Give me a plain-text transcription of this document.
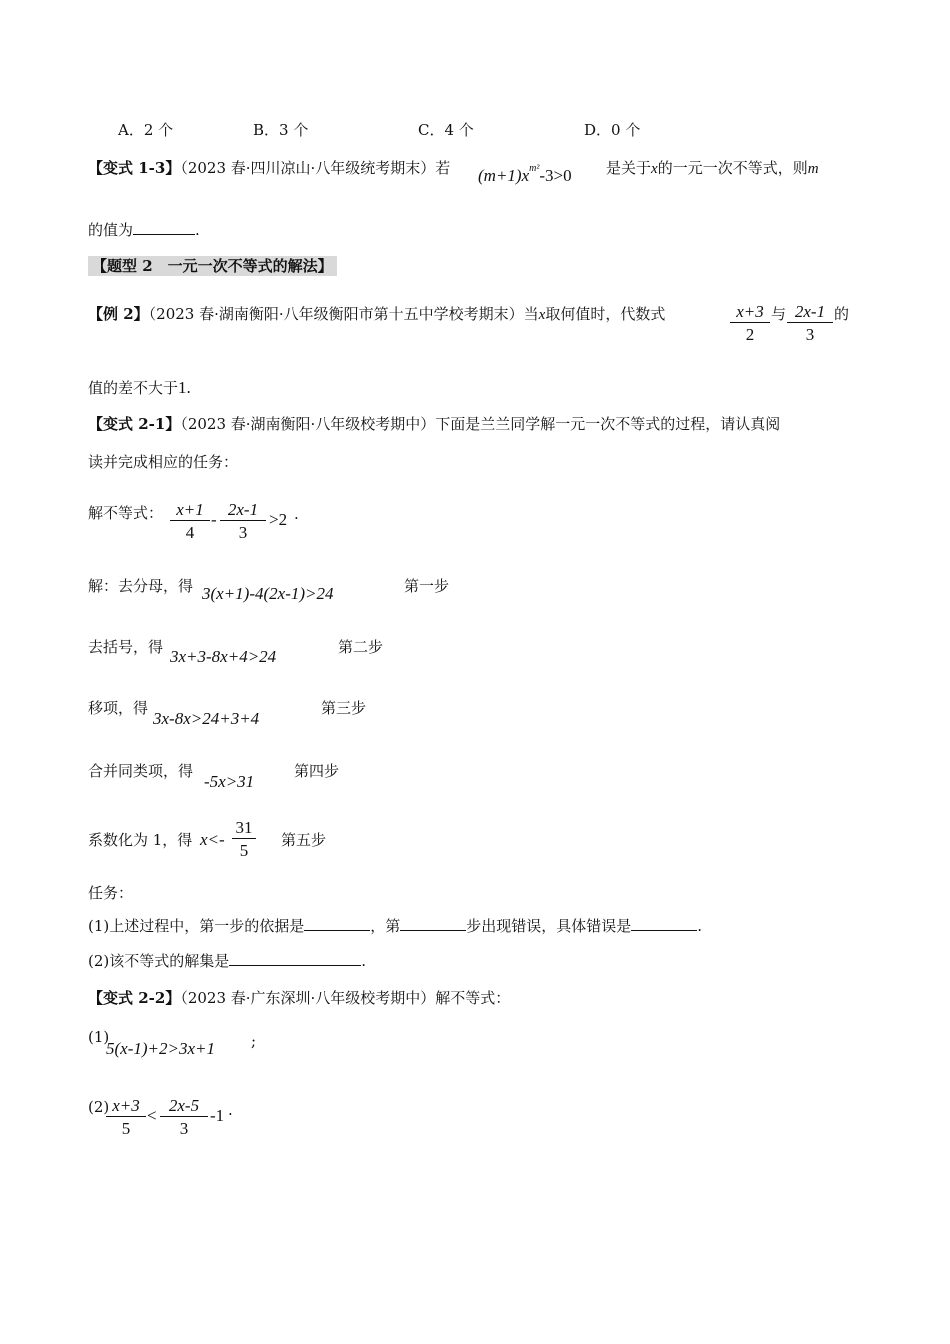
A．2 个	B．3 个	C．4 个	D．0 个
【变式 1-3】（2023 春·四川凉山·八年级统考期末）若 $(m+1)x^{m^2}-3>0$ 是关于x的一元一次不等式，则m
的值为	.
【题型 2　一元一次不等式的解法】
【例 2】（2023 春·湖南衡阳·八年级衡阳市第十五中学校考期末）当x取何值时，代数式	$\frac{x+3}{2}$ 与 $\frac{2x-1}{3}$ 的
值的差不大于1.
【变式 2-1】（2023 春·湖南衡阳·八年级校考期中）下面是兰兰同学解一元一次不等式的过程，请认真阅
读并完成相应的任务：
解不等式： $\frac{x+1}{4} - \frac{2x-1}{3} >2$ .
解：去分母，得 3(x+1)-4(2x-1)>24	第一步
去括号，得 3x+3-8x+4>24	第二步
移项，得
3x-8x>24+3+4
第三步
合并同类项，得
-5x>31
第四步
系数化为 1，得 $x<- \frac{31}{5}$ 第五步
任务：
(1)上述过程中，第一步的依据是	，第	步出现错误，具体错误是	.
(2)该不等式的解集是	.
【变式 2-2】（2023 春·广东深圳·八年级校考期中）解不等式：
(1)
5(x-1)+2>3x+1 ;
(2)
$\frac{x+3}{5} < \frac{2x-5}{3} -1$ .
